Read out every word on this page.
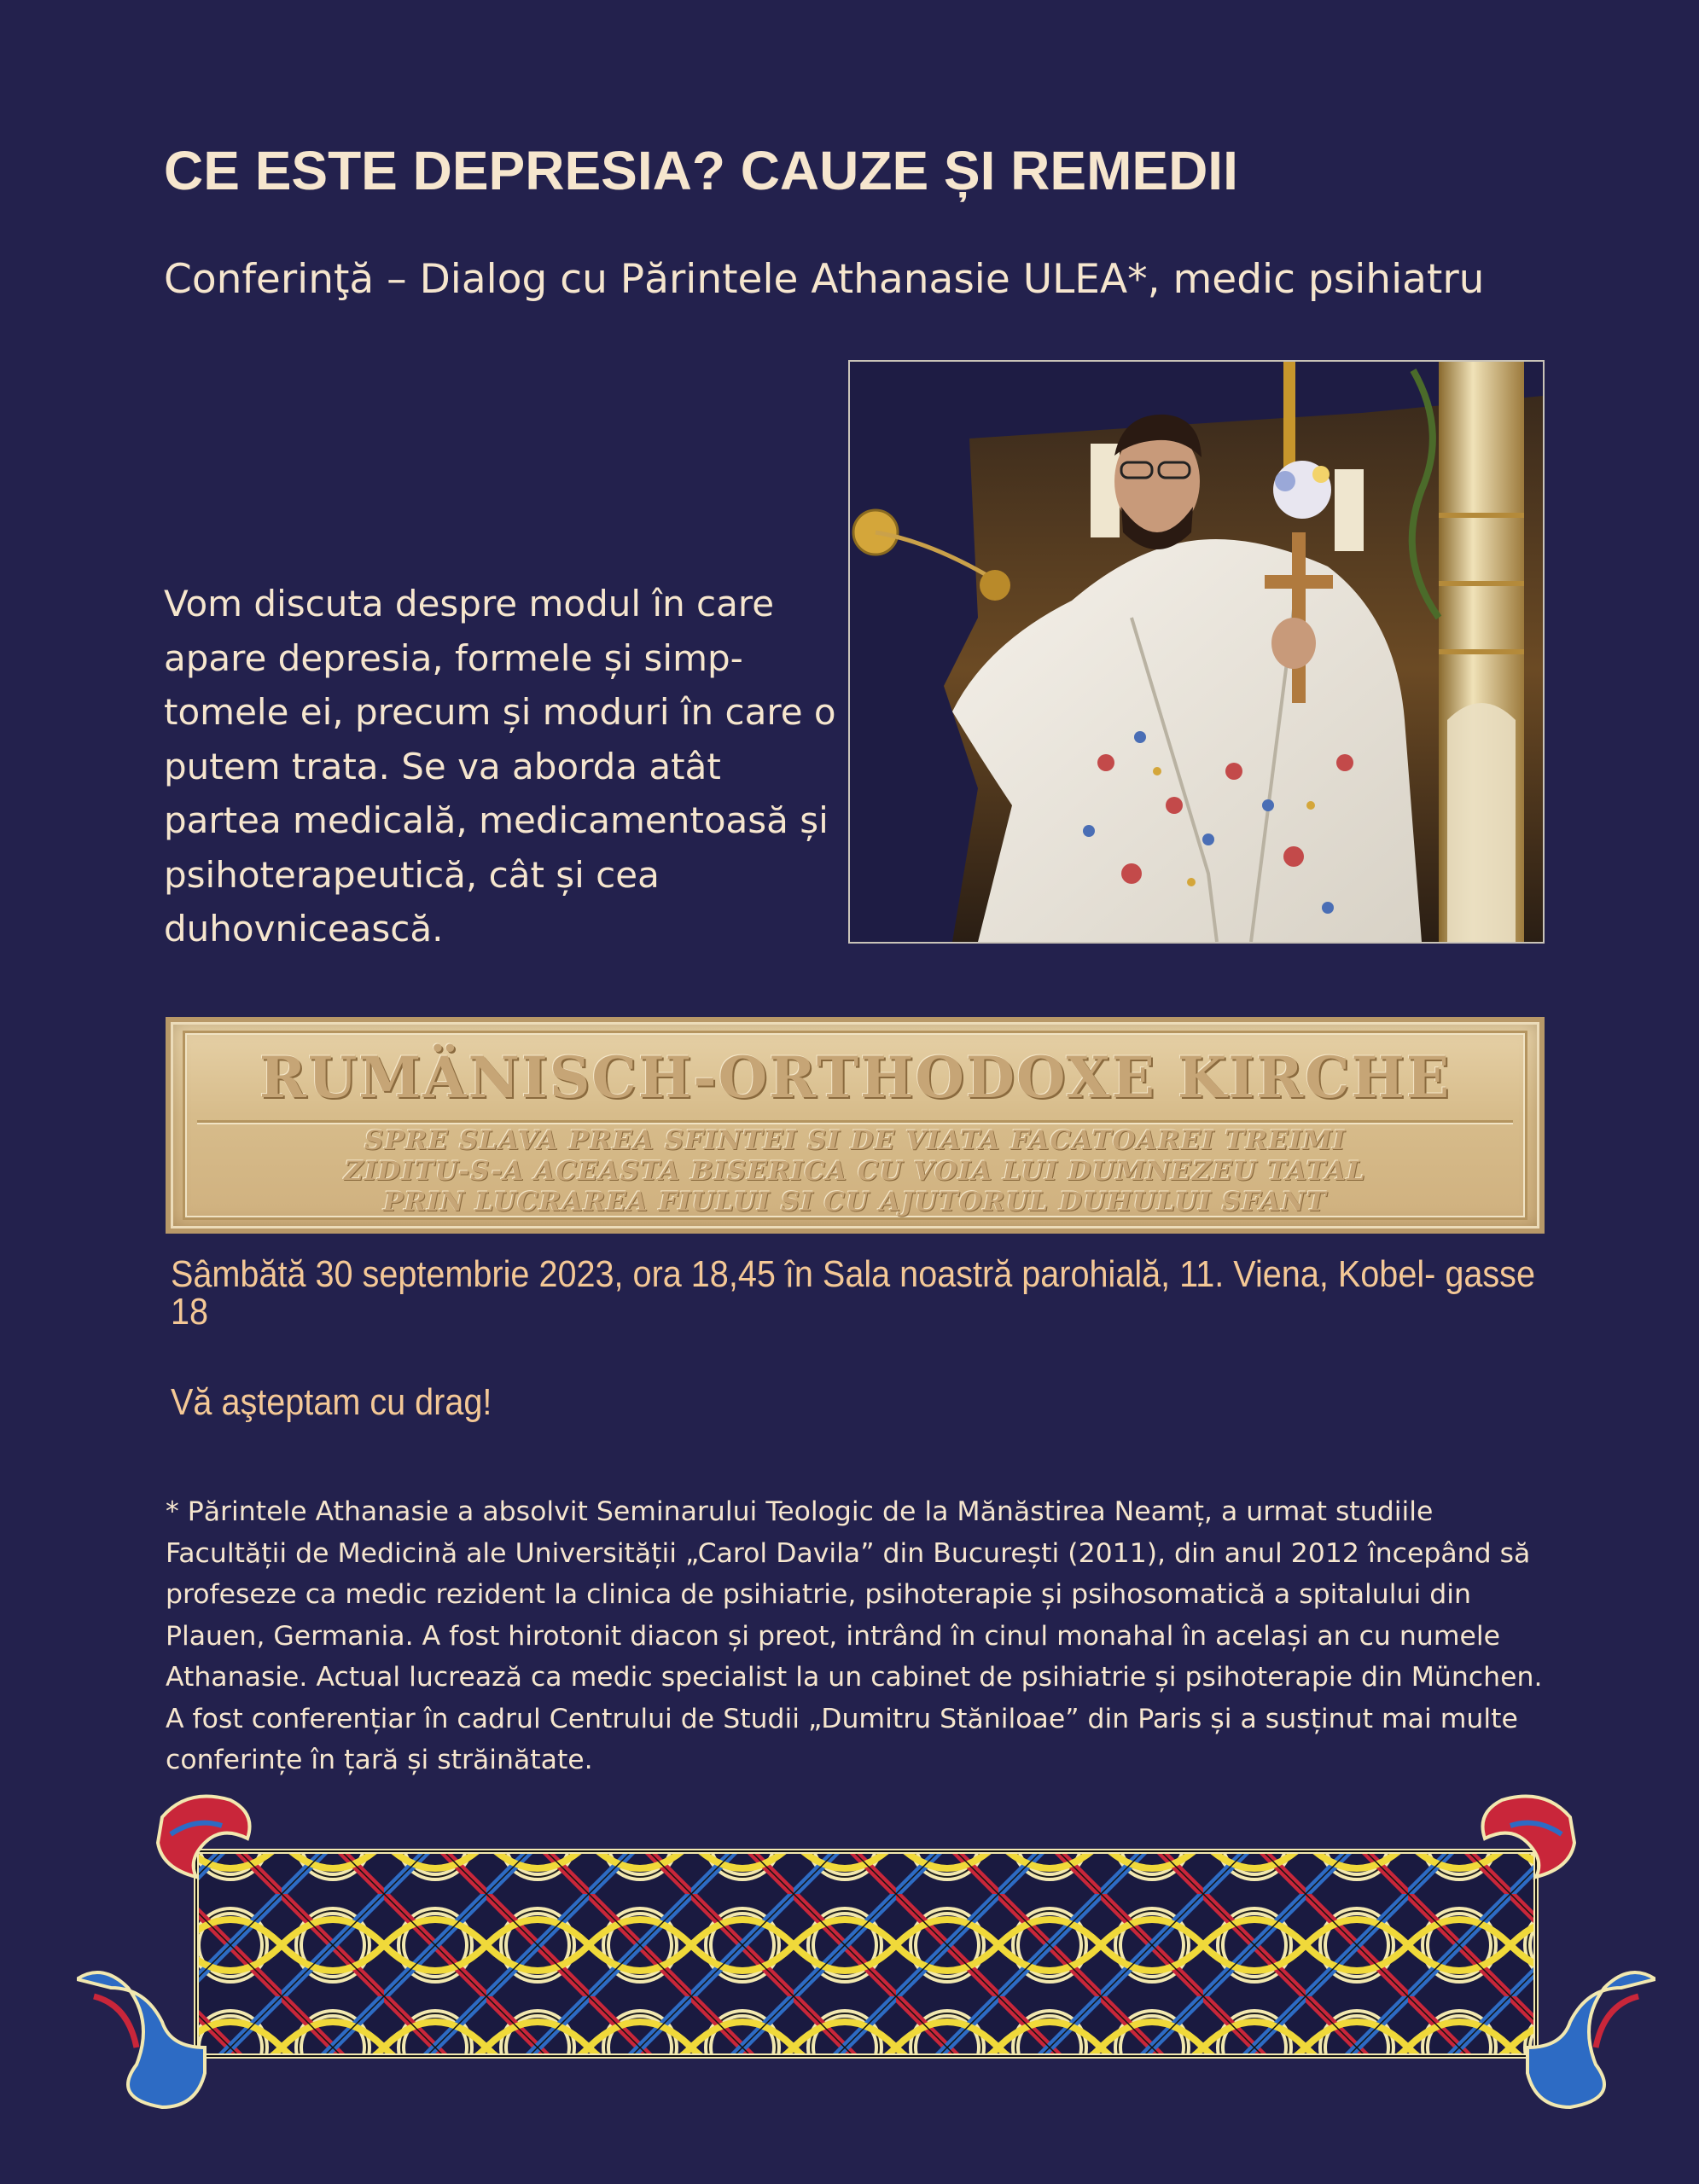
CE ESTE DEPRESIA? CAUZE ȘI REMEDII

Conferinţă – Dialog cu Părintele Athanasie ULEA*, medic psihiatru

Vom discuta despre modul în care apare depresia, formele și simp- tomele ei, precum și moduri în care o putem trata. Se va aborda atât partea medicală, medicamentoasă și psihoterapeutică, cât și cea duhovnicească.

RUMÄNISCH-ORTHODOXE KIRCHE
SPRE SLAVA PREA SFINTEI SI DE VIATA FACATOAREI TREIMI
ZIDITU-S-A ACEASTA BISERICA CU VOIA LUI DUMNEZEU TATAL
PRIN LUCRAREA FIULUI SI CU AJUTORUL DUHULUI SFANT

Sâmbătă 30 septembrie 2023, ora 18,45 în Sala noastră parohială, 11. Viena, Kobel- gasse 18

Vă aşteptam cu drag!

* Părintele Athanasie a absolvit Seminarului Teologic de la Mănăstirea Neamț, a urmat studiile Facultății de Medicină ale Universității „Carol Davila” din București (2011), din anul 2012 începând să profeseze ca medic rezident la clinica de psihiatrie, psihoterapie și psihosomatică a spitalului din Plauen, Germania. A fost hirotonit diacon și preot, intrând în cinul monahal în același an cu numele Athanasie. Actual lucrează ca medic specialist la un cabinet de psihiatrie și psihoterapie din München. A fost conferențiar în cadrul Centrului de Studii „Dumitru Stăniloae” din Paris și a susținut mai multe conferințe în țară și străinătate.
